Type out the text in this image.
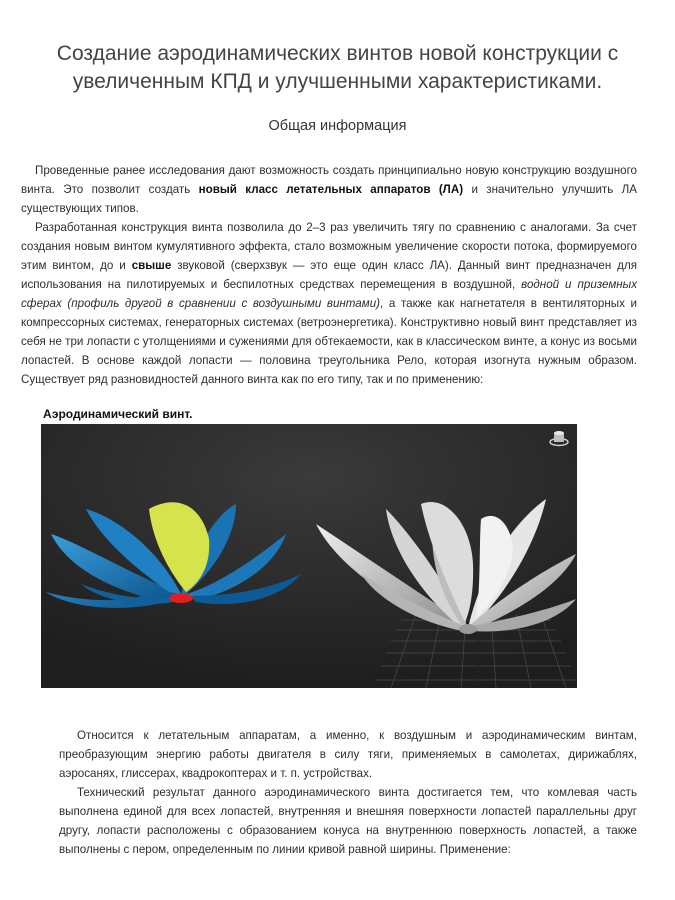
Создание аэродинамических винтов новой конструкции с увеличенным КПД и улучшенными характеристиками.
Общая информация

Проведенные ранее исследования дают возможность создать принципиально новую конструкцию воздушного винта. Это позволит создать новый класс летательных аппаратов (ЛА) и значительно улучшить ЛА существующих типов.

Разработанная конструкция винта позволила до 2–3 раз увеличить тягу по сравнению с аналогами. За счет создания новым винтом кумулятивного эффекта, стало возможным увеличение скорости потока, формируемого этим винтом, до и свыше звуковой (сверхзвук — это еще один класс ЛА). Данный винт предназначен для использования на пилотируемых и беспилотных средствах перемещения в воздушной, водной и приземных сферах (профиль другой в сравнении с воздушными винтами), а также как нагнетателя в вентиляторных и компрессорных системах, генераторных системах (ветроэнергетика). Конструктивно новый винт представляет из себя не три лопасти с утолщениями и сужениями для обтекаемости, как в классическом винте, а конус из восьми лопастей. В основе каждой лопасти — половина треугольника Рело, которая изогнута нужным образом. Существует ряд разновидностей данного винта как по его типу, так и по применению:

Аэродинамический винт.

Относится к летательным аппаратам, а именно, к воздушным и аэродинамическим винтам, преобразующим энергию работы двигателя в силу тяги, применяемых в самолетах, дирижаблях, аэросанях, глиссерах, квадрокоптерах и т. п. устройствах.

Технический результат данного аэродинамического винта достигается тем, что комлевая часть выполнена единой для всех лопастей, внутренняя и внешняя поверхности лопастей параллельны друг другу, лопасти расположены с образованием конуса на внутреннюю поверхность лопастей, а также выполнены с пером, определенным по линии кривой равной ширины. Применение:
